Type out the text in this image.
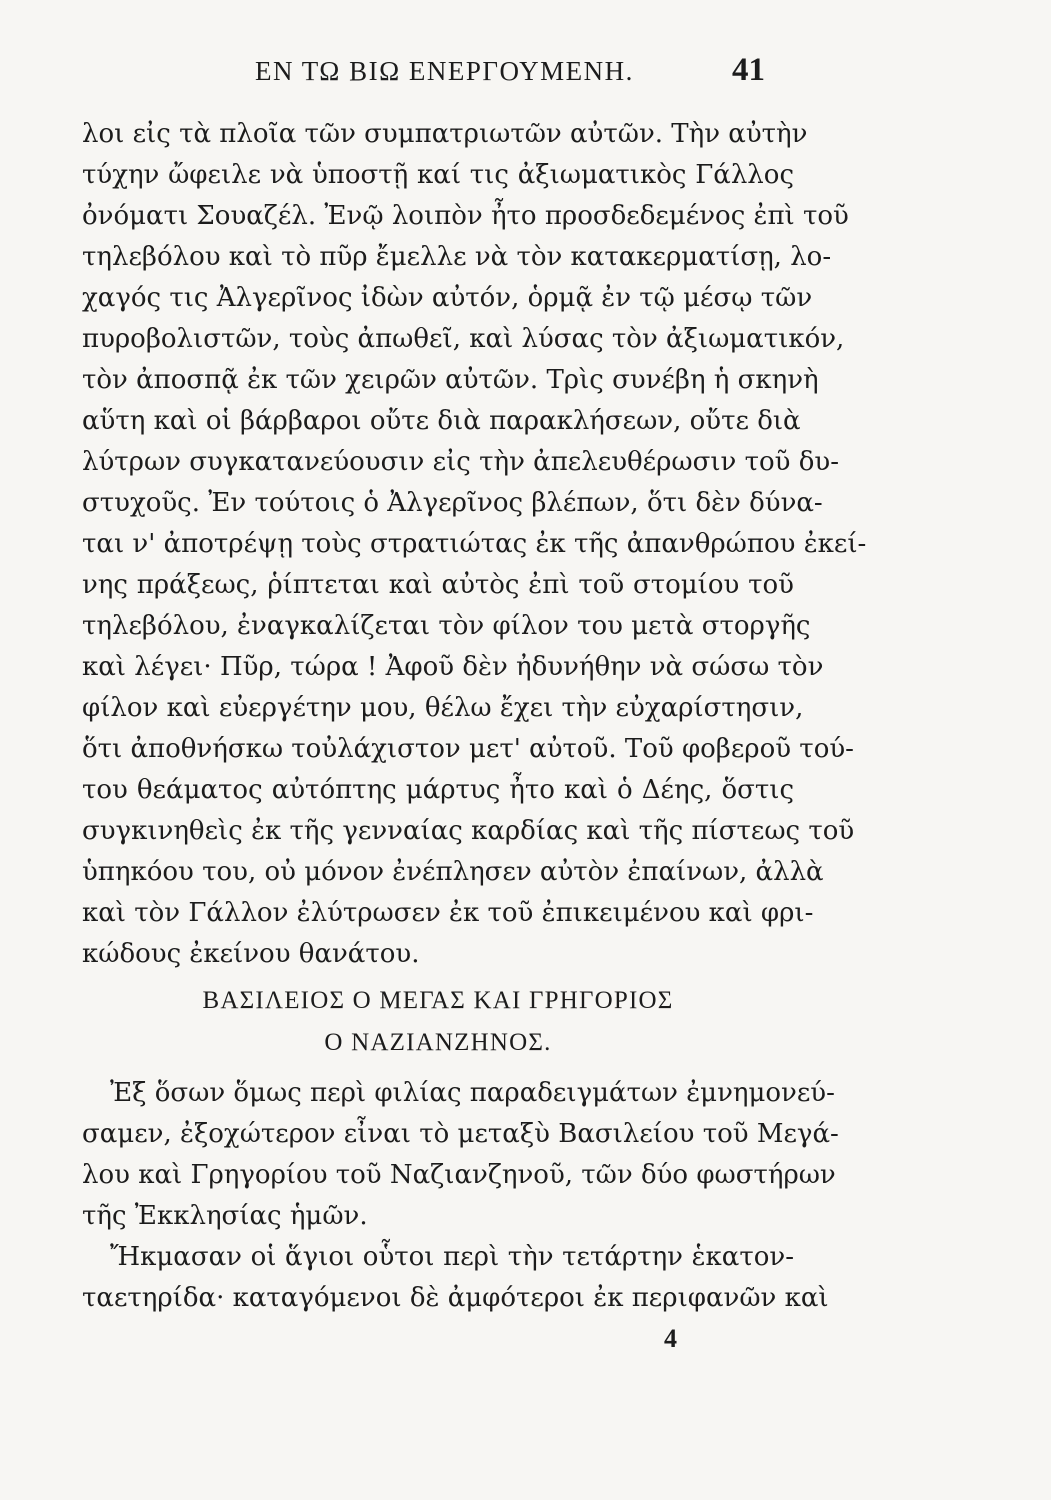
ΕΝ ΤΩ ΒΙΩ ΕΝΕΡΓΟΥΜΕΝΗ.	41
λοι εἰς τὰ πλοῖα τῶν συμπατριωτῶν αὐτῶν. Τὴν αὐτὴν
τύχην ὤφειλε νὰ ὑποστῇ καί τις ἀξιωματικὸς Γάλλος
ὀνόματι Σουαζέλ. Ἐνῷ λοιπὸν ἦτο προσδεδεμένος ἐπὶ τοῦ
τηλεβόλου καὶ τὸ πῦρ ἔμελλε νὰ τὸν κατακερματίσῃ, λο-
χαγός τις Ἀλγερῖνος ἰδὼν αὐτόν, ὁρμᾷ ἐν τῷ μέσῳ τῶν
πυροβολιστῶν, τοὺς ἀπωθεῖ, καὶ λύσας τὸν ἀξιωματικόν,
τὸν ἀποσπᾷ ἐκ τῶν χειρῶν αὐτῶν. Τρὶς συνέβη ἡ σκηνὴ
αὕτη καὶ οἱ βάρβαροι οὔτε διὰ παρακλήσεων, οὔτε διὰ
λύτρων συγκατανεύουσιν εἰς τὴν ἀπελευθέρωσιν τοῦ δυ-
στυχοῦς. Ἐν τούτοις ὁ Ἀλγερῖνος βλέπων, ὅτι δὲν δύνα-
ται ν' ἀποτρέψῃ τοὺς στρατιώτας ἐκ τῆς ἀπανθρώπου ἐκεί-
νης πράξεως, ῥίπτεται καὶ αὐτὸς ἐπὶ τοῦ στομίου τοῦ
τηλεβόλου, ἐναγκαλίζεται τὸν φίλον του μετὰ στοργῆς
καὶ λέγει· Πῦρ, τώρα ! Ἀφοῦ δὲν ἠδυνήθην νὰ σώσω τὸν
φίλον καὶ εὐεργέτην μου, θέλω ἔχει τὴν εὐχαρίστησιν,
ὅτι ἀποθνήσκω τοὐλάχιστον μετ' αὐτοῦ. Τοῦ φοβεροῦ τού-
του θεάματος αὐτόπτης μάρτυς ἦτο καὶ ὁ Δέης, ὅστις
συγκινηθεὶς ἐκ τῆς γενναίας καρδίας καὶ τῆς πίστεως τοῦ
ὑπηκόου του, οὐ μόνον ἐνέπλησεν αὐτὸν ἐπαίνων, ἀλλὰ
καὶ τὸν Γάλλον ἐλύτρωσεν ἐκ τοῦ ἐπικειμένου καὶ φρι-
κώδους ἐκείνου θανάτου.
ΒΑΣΙΛΕΙΟΣ Ο ΜΕΓΑΣ ΚΑΙ ΓΡΗΓΟΡΙΟΣ
Ο ΝΑΖΙΑΝΖΗΝΟΣ.
Ἐξ ὅσων ὅμως περὶ φιλίας παραδειγμάτων ἐμνημονεύ-
σαμεν, ἐξοχώτερον εἶναι τὸ μεταξὺ Βασιλείου τοῦ Μεγά-
λου καὶ Γρηγορίου τοῦ Ναζιανζηνοῦ, τῶν δύο φωστήρων
τῆς Ἐκκλησίας ἡμῶν.
Ἤκμασαν οἱ ἅγιοι οὗτοι περὶ τὴν τετάρτην ἑκατον-
ταετηρίδα· καταγόμενοι δὲ ἀμφότεροι ἐκ περιφανῶν καὶ
4
